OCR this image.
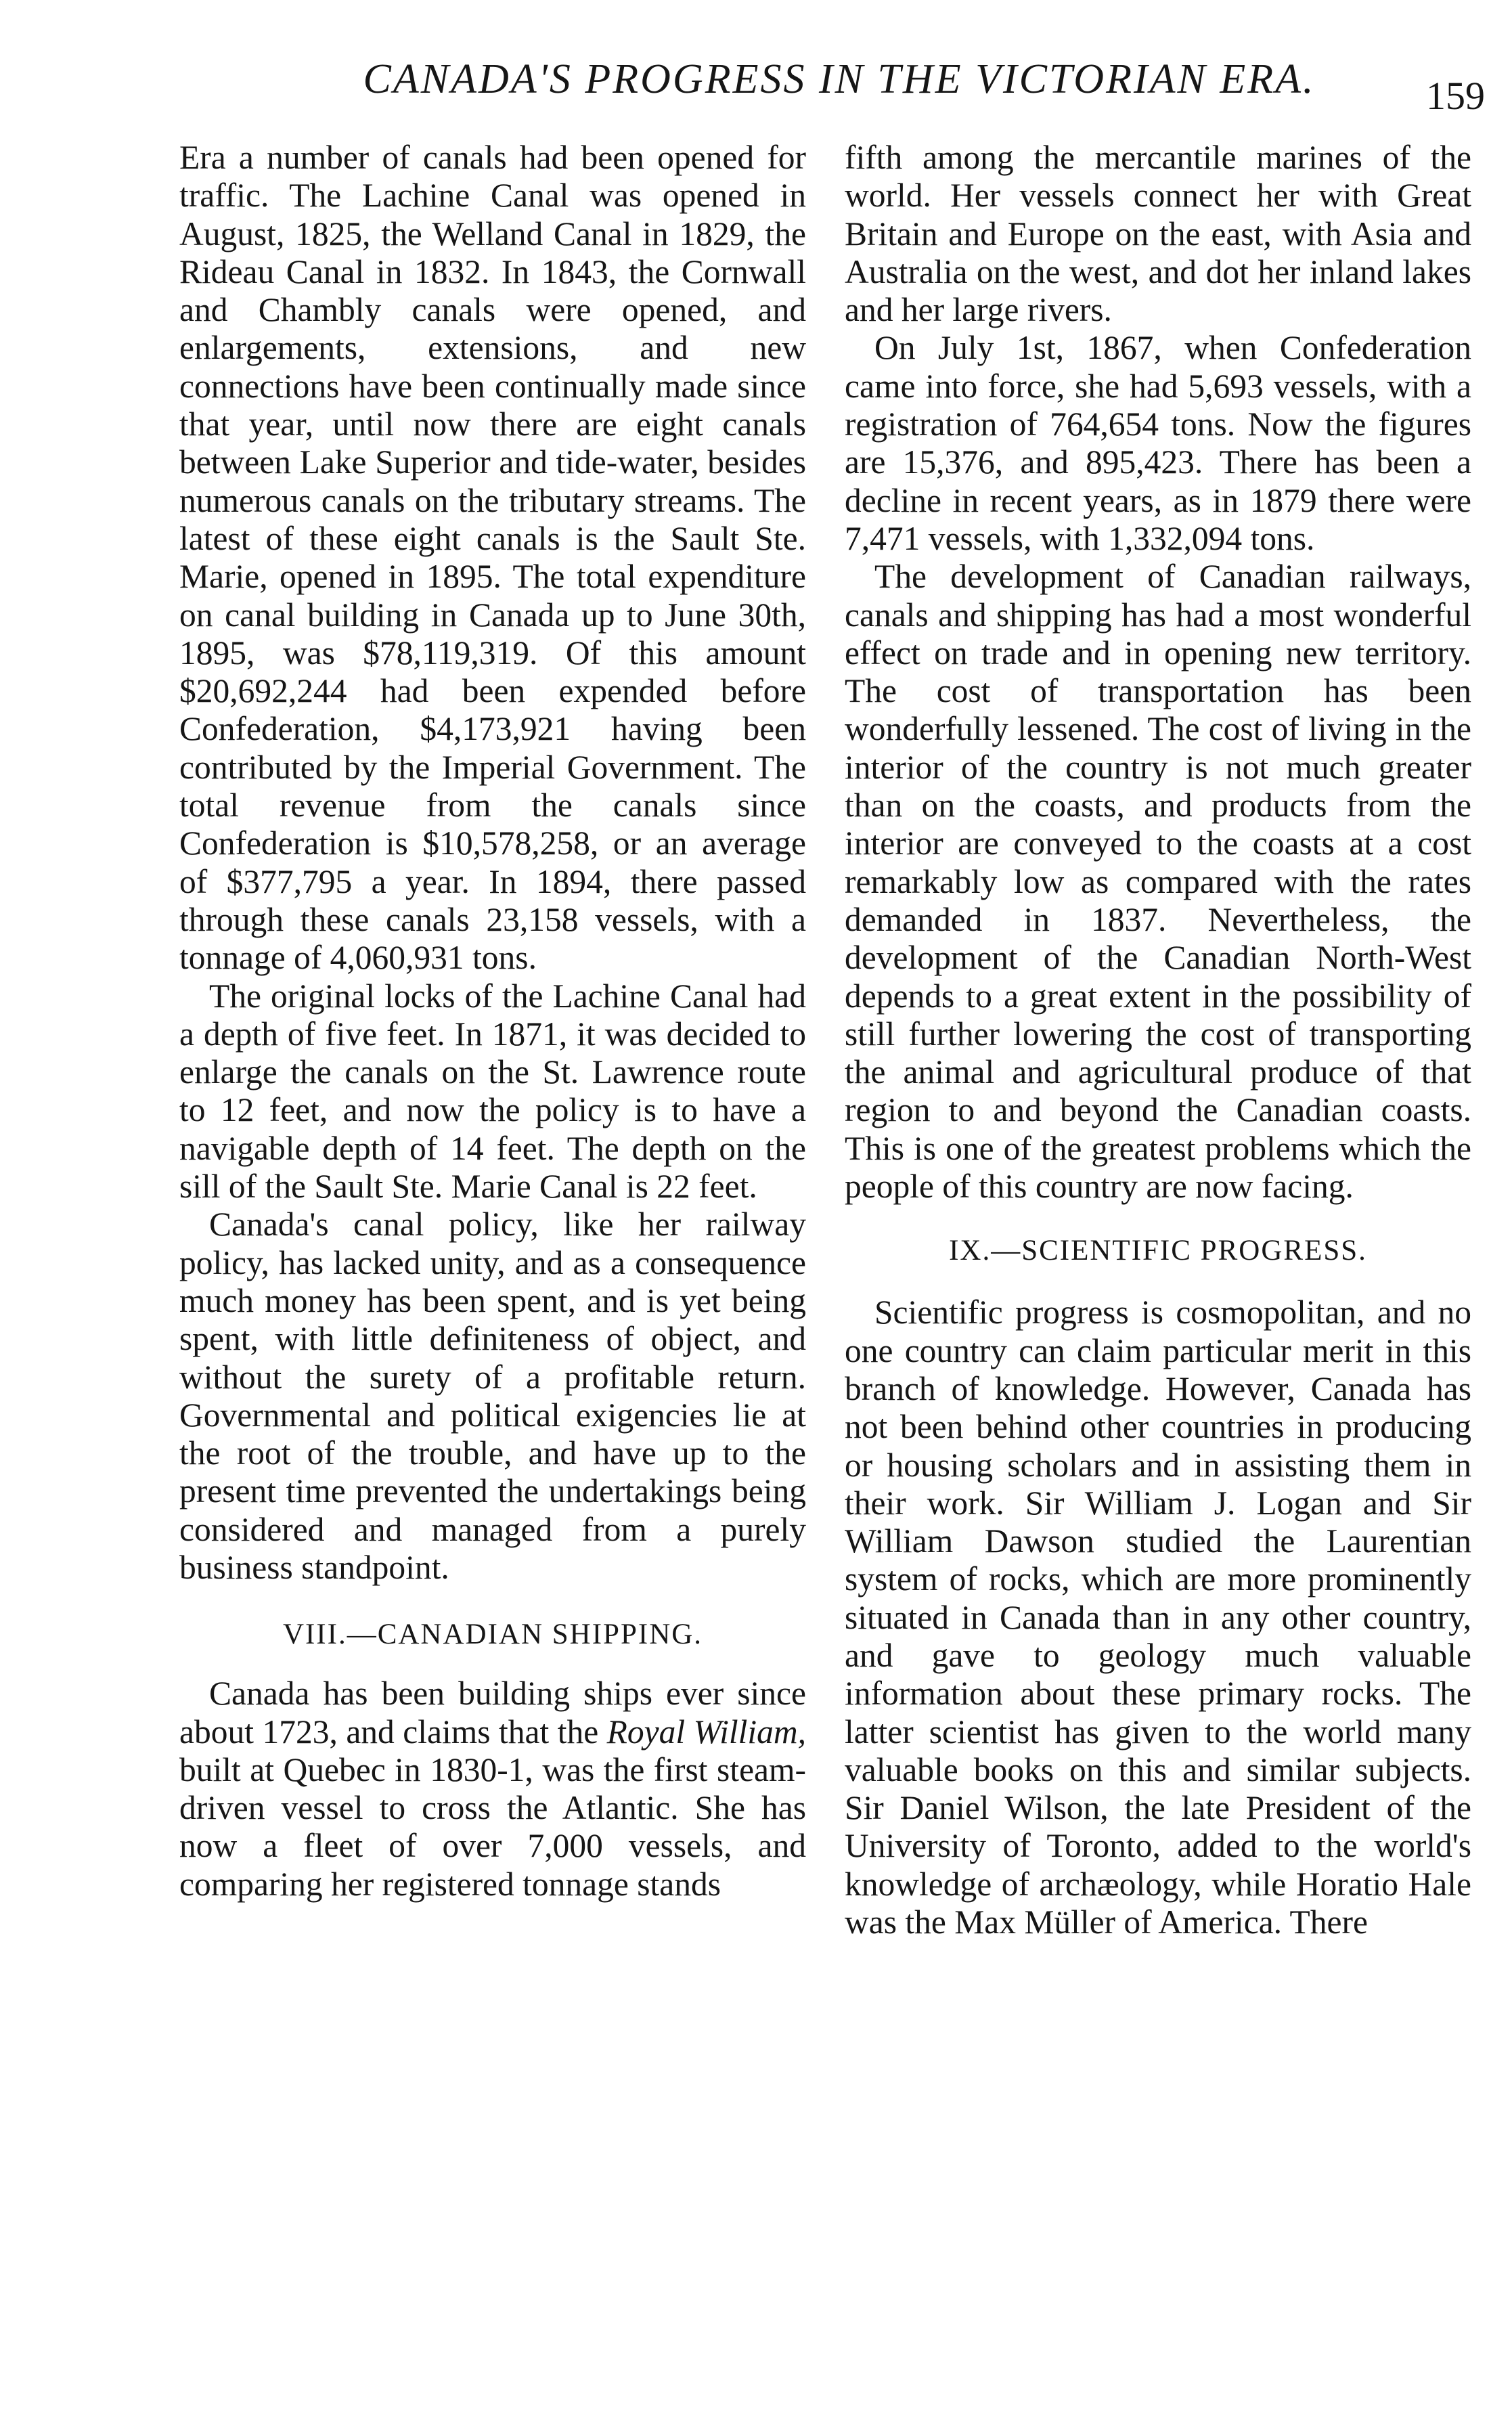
CANADA'S PROGRESS IN THE VICTORIAN ERA.	159

Era a number of canals had been opened for traffic. The Lachine Canal was opened in August, 1825, the Welland Canal in 1829, the Rideau Canal in 1832. In 1843, the Cornwall and Chambly canals were opened, and enlargements, extensions, and new connections have been continually made since that year, until now there are eight canals between Lake Superior and tide-water, besides numerous canals on the tributary streams. The latest of these eight canals is the Sault Ste. Marie, opened in 1895. The total expenditure on canal building in Canada up to June 30th, 1895, was $78,119,319. Of this amount $20,692,244 had been expended before Confederation, $4,173,921 having been contributed by the Imperial Government. The total revenue from the canals since Confederation is $10,578,258, or an average of $377,795 a year. In 1894, there passed through these canals 23,158 vessels, with a tonnage of 4,060,931 tons.

The original locks of the Lachine Canal had a depth of five feet. In 1871, it was decided to enlarge the canals on the St. Lawrence route to 12 feet, and now the policy is to have a navigable depth of 14 feet. The depth on the sill of the Sault Ste. Marie Canal is 22 feet.

Canada's canal policy, like her railway policy, has lacked unity, and as a consequence much money has been spent, and is yet being spent, with little definiteness of object, and without the surety of a profitable return. Governmental and political exigencies lie at the root of the trouble, and have up to the present time prevented the undertakings being considered and managed from a purely business standpoint.

VIII.—CANADIAN SHIPPING.

Canada has been building ships ever since about 1723, and claims that the Royal William, built at Quebec in 1830-1, was the first steam-driven vessel to cross the Atlantic. She has now a fleet of over 7,000 vessels, and comparing her registered tonnage stands

fifth among the mercantile marines of the world. Her vessels connect her with Great Britain and Europe on the east, with Asia and Australia on the west, and dot her inland lakes and her large rivers.

On July 1st, 1867, when Confederation came into force, she had 5,693 vessels, with a registration of 764,654 tons. Now the figures are 15,376, and 895,423. There has been a decline in recent years, as in 1879 there were 7,471 vessels, with 1,332,094 tons.

The development of Canadian railways, canals and shipping has had a most wonderful effect on trade and in opening new territory. The cost of transportation has been wonderfully lessened. The cost of living in the interior of the country is not much greater than on the coasts, and products from the interior are conveyed to the coasts at a cost remarkably low as compared with the rates demanded in 1837. Nevertheless, the development of the Canadian North-West depends to a great extent in the possibility of still further lowering the cost of transporting the animal and agricultural produce of that region to and beyond the Canadian coasts. This is one of the greatest problems which the people of this country are now facing.

IX.—SCIENTIFIC PROGRESS.

Scientific progress is cosmopolitan, and no one country can claim particular merit in this branch of knowledge. However, Canada has not been behind other countries in producing or housing scholars and in assisting them in their work. Sir William J. Logan and Sir William Dawson studied the Laurentian system of rocks, which are more prominently situated in Canada than in any other country, and gave to geology much valuable information about these primary rocks. The latter scientist has given to the world many valuable books on this and similar subjects. Sir Daniel Wilson, the late President of the University of Toronto, added to the world's knowledge of archæology, while Horatio Hale was the Max Müller of America. There
